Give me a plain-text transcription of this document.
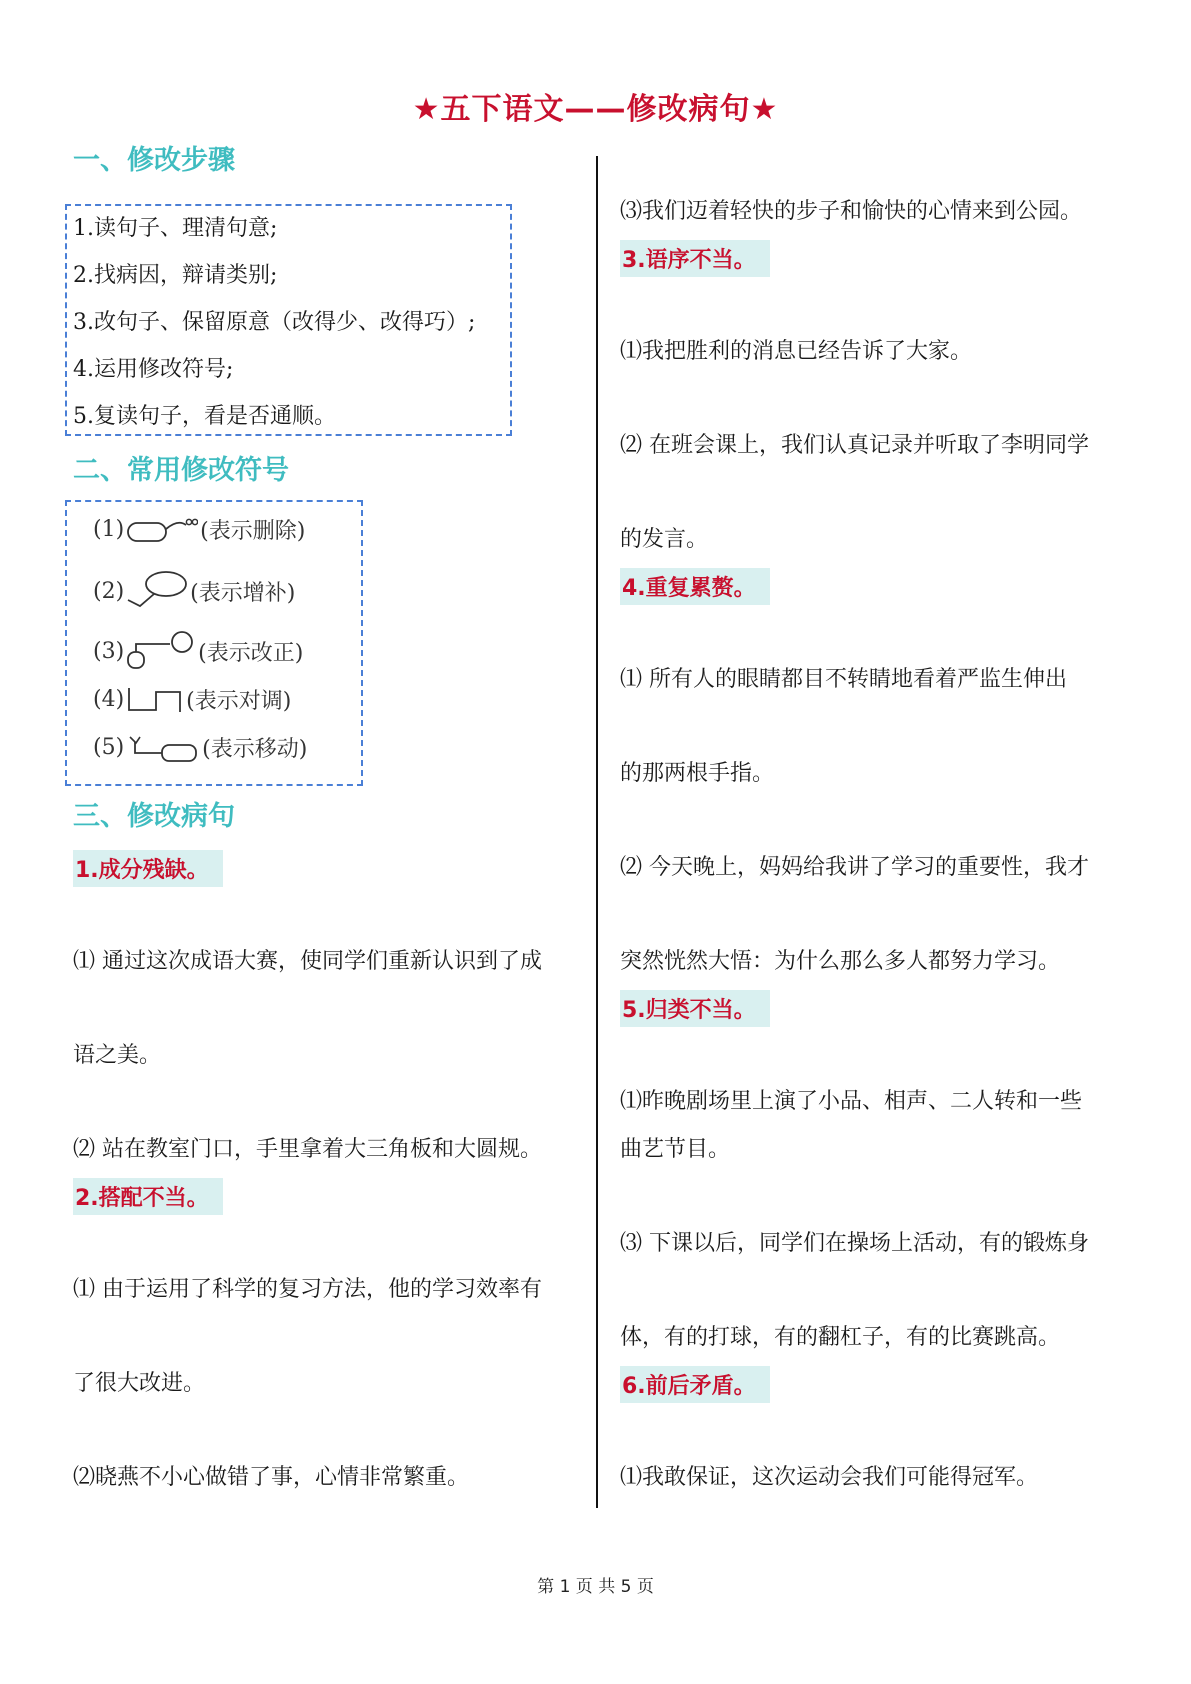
★五下语文——修改病句★
一、修改步骤
1.读句子、理清句意;
2.找病因，辩请类别;
3.改句子、保留原意（改得少、改得巧）;
4.运用修改符号;
5.复读句子，看是否通顺。
二、常用修改符号
(1)	(表示删除)
(2)	(表示增补)
(3)	(表示改正)
(4)	(表示对调)
(5)	(表示移动)
三、修改病句
1.成分残缺。
⑴ 通过这次成语大赛，使同学们重新认识到了成
语之美。
⑵ 站在教室门口，手里拿着大三角板和大圆规。
2.搭配不当。
⑴ 由于运用了科学的复习方法，他的学习效率有
了很大改进。
⑵晓燕不小心做错了事，心情非常繁重。
⑶我们迈着轻快的步子和愉快的心情来到公园。
3.语序不当。
⑴我把胜利的消息已经告诉了大家。
⑵ 在班会课上，我们认真记录并听取了李明同学
的发言。
4.重复累赘。
⑴ 所有人的眼睛都目不转睛地看着严监生伸出
的那两根手指。
⑵ 今天晚上，妈妈给我讲了学习的重要性，我才
突然恍然大悟：为什么那么多人都努力学习。
5.归类不当。
⑴昨晚剧场里上演了小品、相声、二人转和一些
曲艺节目。
⑶ 下课以后，同学们在操场上活动，有的锻炼身
体，有的打球，有的翻杠子，有的比赛跳高。
6.前后矛盾。
⑴我敢保证，这次运动会我们可能得冠军。
第 1 页 共 5 页
